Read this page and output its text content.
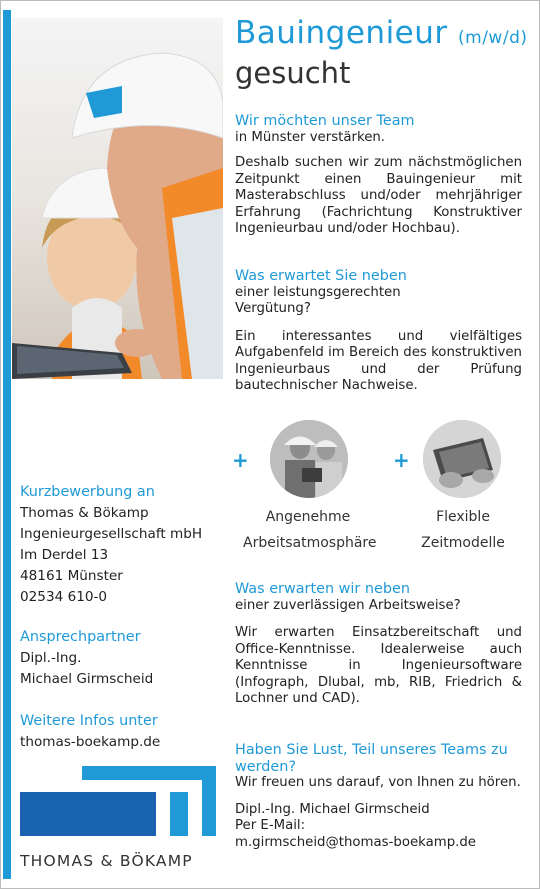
Bauingenieur (m/w/d)
gesucht
Wir möchten unser Team
in Münster verstärken.
Deshalb suchen wir zum nächstmöglichen Zeitpunkt einen Bauingenieur mit Masterabschluss und/oder mehrjähriger Erfahrung (Fachrichtung Konstruktiver Ingenieurbau und/oder Hochbau).
Was erwartet Sie neben
einer leistungsgerechten
Vergütung?
Ein interessantes und vielfältiges Aufgabenfeld im Bereich des konstruktiven Ingenieurbaus und der Prüfung bautechnischer Nachweise.
+	+
Angenehme
Arbeitsatmosphäre
Flexible
Zeitmodelle
Was erwarten wir neben
einer zuverlässigen Arbeitsweise?
Wir erwarten Einsatzbereitschaft und Office-Kenntnisse. Idealerweise auch Kenntnisse in Ingenieursoftware (Infograph, Dlubal, mb, RIB, Friedrich & Lochner und CAD).
Haben Sie Lust, Teil unseres Teams zu werden?
Wir freuen uns darauf, von Ihnen zu hören.
Dipl.-Ing. Michael Girmscheid
Per E-Mail:
m.girmscheid@thomas-boekamp.de
Kurzbewerbung an
Thomas & Bökamp
Ingenieurgesellschaft mbH
Im Derdel 13
48161 Münster
02534 610-0
Ansprechpartner
Dipl.-Ing.
Michael Girmscheid
Weitere Infos unter
thomas-boekamp.de
THOMAS & BÖKAMP
